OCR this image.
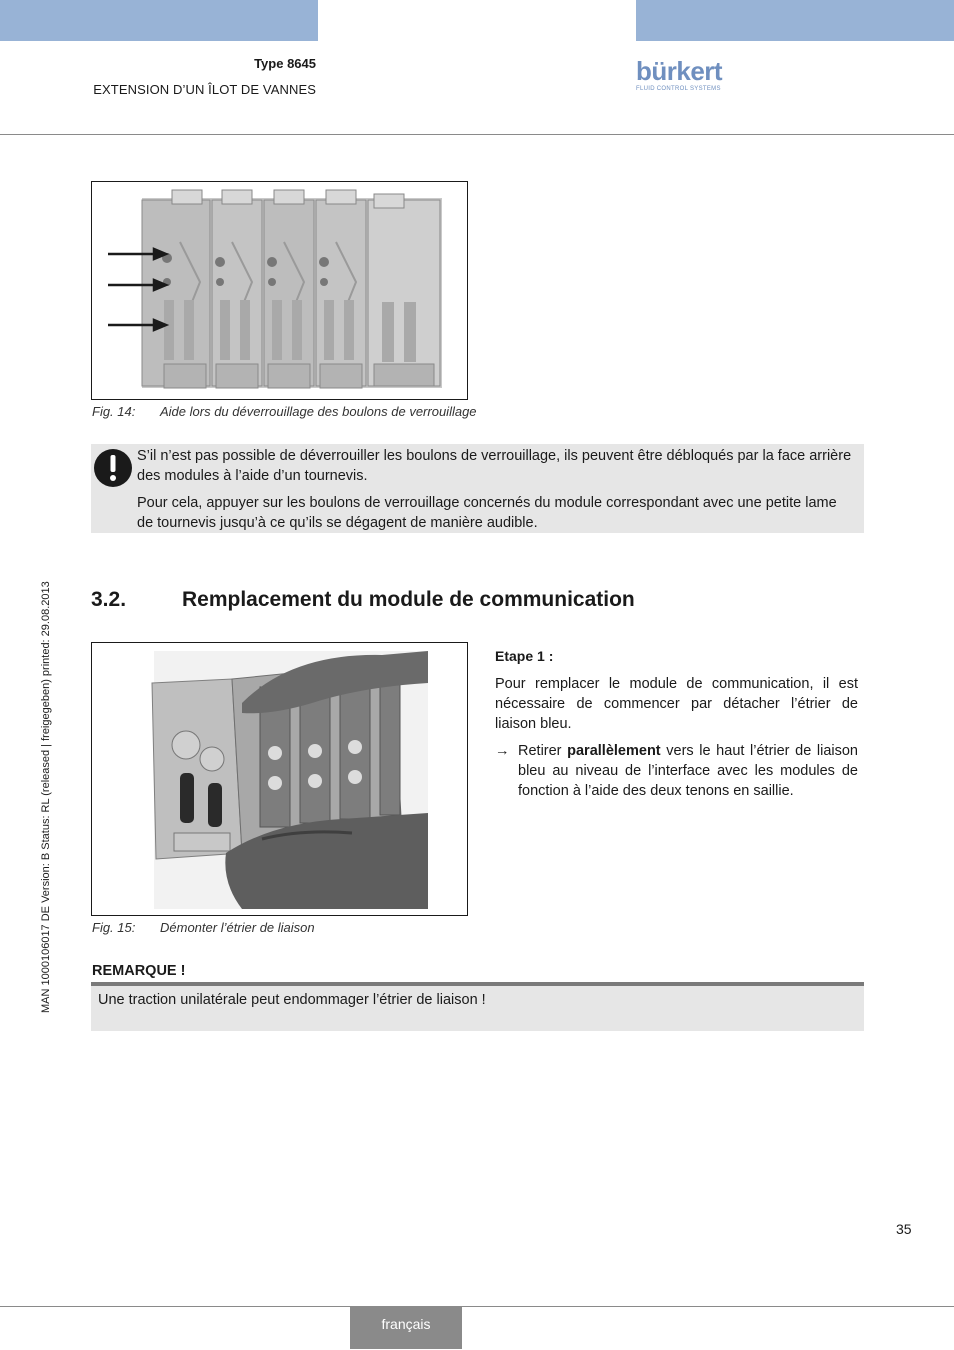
Type 8645
EXTENSION D’UN ÎLOT DE VANNES
bürkert
FLUID CONTROL SYSTEMS
MAN 1000106017 DE Version: B Status: RL (released | freigegeben) printed: 29.08.2013
Fig. 14: Aide lors du déverrouillage des boulons de verrouillage

S’il n’est pas possible de déverrouiller les boulons de verrouillage, ils peuvent être débloqués par la face arrière des modules à l’aide d’un tournevis.

Pour cela, appuyer sur les boulons de verrouillage concernés du module correspondant avec une petite lame de tournevis jusqu’à ce qu’ils se dégagent de manière audible.

3.2.	Remplacement du module de communication
Fig. 15: Démonter l’étrier de liaison
Etape 1 :
Pour remplacer le module de communication, il est nécessaire de commencer par détacher l’étrier de liaison bleu.
→ Retirer parallèlement vers le haut l’étrier de liaison bleu au niveau de l’interface avec les modules de fonction à l’aide des deux tenons en saillie.
REMARQUE !
Une traction unilatérale peut endommager l’étrier de liaison !
35
français
